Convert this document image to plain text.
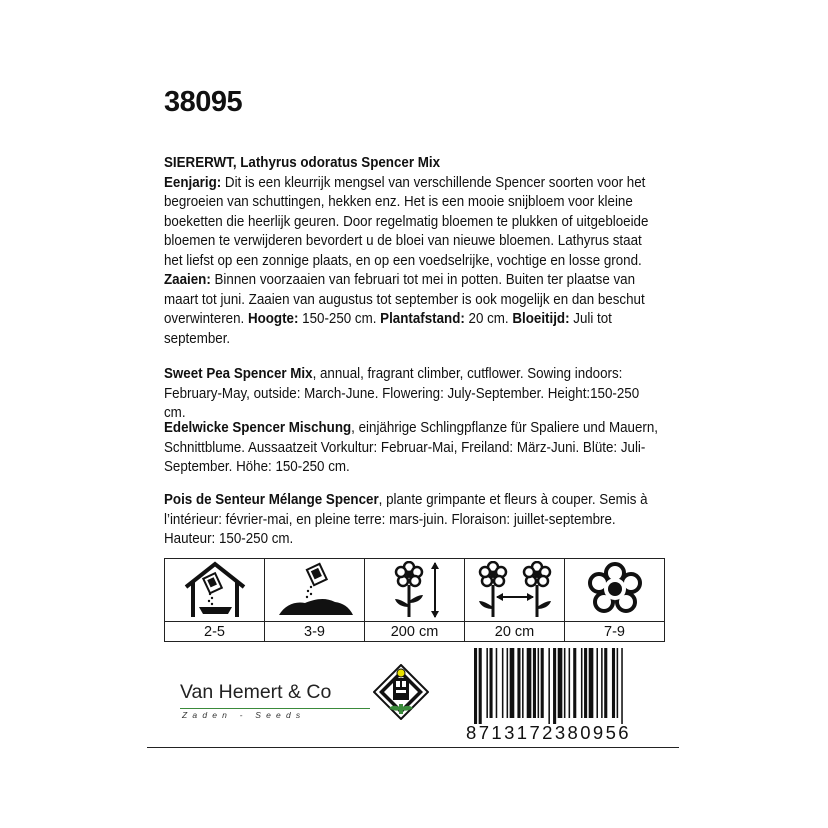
38095
SIERERWT, Lathyrus odoratus Spencer Mix
Eenjarig: Dit is een kleurrijk mengsel van verschillende Spencer soorten voor het begroeien van schuttingen, hekken enz. Het is een mooie snijbloem voor kleine boeketten die heerlijk geuren. Door regelmatig bloemen te plukken of uitgebloeide bloemen te verwijderen bevordert u de bloei van nieuwe bloemen. Lathyrus staat het liefst op een zonnige plaats, en op een voedselrijke, vochtige en losse grond. Zaaien: Binnen voorzaaien van februari tot mei in potten. Buiten ter plaatse van maart tot juni. Zaaien van augustus tot september is ook mogelijk en dan beschut overwinteren. Hoogte: 150-250 cm. Plantafstand: 20 cm. Bloeitijd: Juli tot september.
Sweet Pea Spencer Mix, annual, fragrant climber, cutflower. Sowing indoors: February-May, outside: March-June. Flowering: July-September. Height:150-250 cm.
Edelwicke Spencer Mischung, einjährige Schlingpflanze für Spaliere und Mauern, Schnittblume. Aussaatzeit Vorkultur: Februar-Mai, Freiland: März-Juni. Blüte: Juli-September. Höhe: 150-250 cm.
Pois de Senteur Mélange Spencer, plante grimpante et fleurs à couper. Semis à l’intérieur: février-mai, en pleine terre: mars-juin. Floraison: juillet-septembre. Hauteur: 150-250 cm.
2-5	3-9	200 cm	20 cm	7-9
Van Hemert & Co
Zaden - Seeds
8713172380956
